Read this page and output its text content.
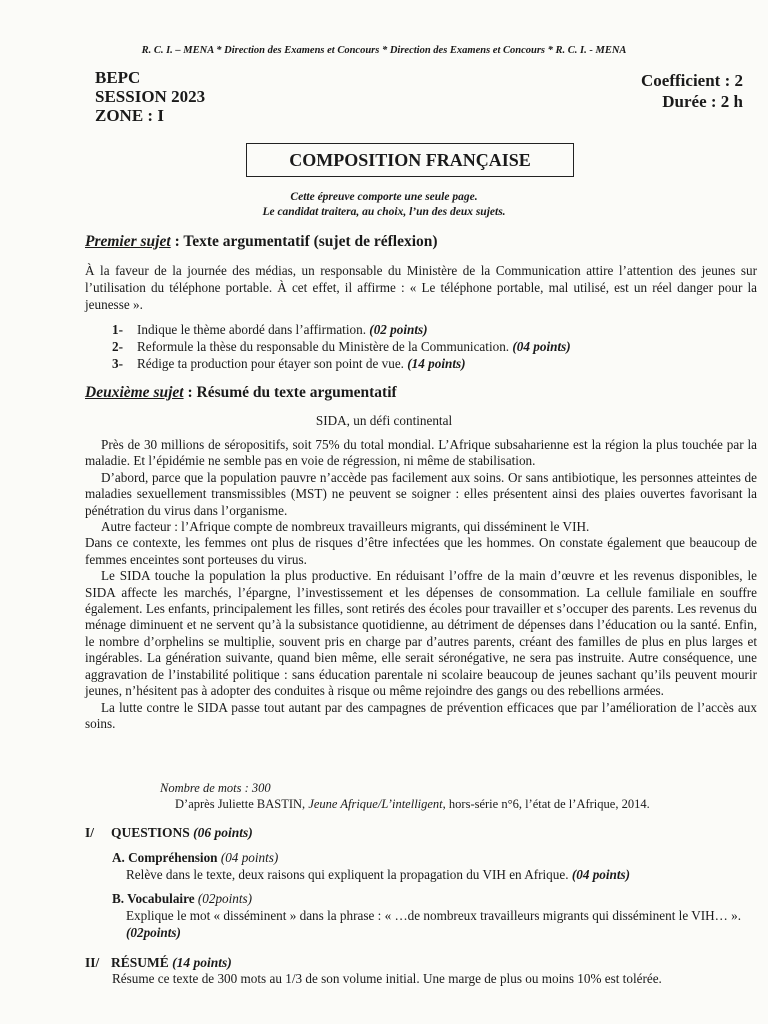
R. C. I. – MENA * Direction des Examens et Concours * Direction des Examens et Concours * R. C. I. - MENA
BEPC
SESSION 2023
ZONE : I
Coefficient : 2
Durée : 2 h
COMPOSITION FRANÇAISE
Cette épreuve comporte une seule page.
Le candidat traitera, au choix, l’un des deux sujets.
Premier sujet : Texte argumentatif (sujet de réflexion)
À la faveur de la journée des médias, un responsable du Ministère de la Communication attire l’attention des jeunes sur l’utilisation du téléphone portable. À cet effet, il affirme : « Le téléphone portable, mal utilisé, est un réel danger pour la jeunesse ».
1- Indique le thème abordé dans l’affirmation. (02 points)
2- Reformule la thèse du responsable du Ministère de la Communication. (04 points)
3- Rédige ta production pour étayer son point de vue. (14 points)
Deuxième sujet : Résumé du texte argumentatif
SIDA, un défi continental

Près de 30 millions de séropositifs, soit 75% du total mondial. L’Afrique subsaharienne est la région la plus touchée par la maladie. Et l’épidémie ne semble pas en voie de régression, ni même de stabilisation.

D’abord, parce que la population pauvre n’accède pas facilement aux soins. Or sans antibiotique, les personnes atteintes de maladies sexuellement transmissibles (MST) ne peuvent se soigner : elles présentent ainsi des plaies ouvertes favorisant la pénétration du virus dans l’organisme.

Autre facteur : l’Afrique compte de nombreux travailleurs migrants, qui disséminent le VIH.

Dans ce contexte, les femmes ont plus de risques d’être infectées que les hommes. On constate également que beaucoup de femmes enceintes sont porteuses du virus.

Le SIDA touche la population la plus productive. En réduisant l’offre de la main d’œuvre et les revenus disponibles, le SIDA affecte les marchés, l’épargne, l’investissement et les dépenses de consommation. La cellule familiale en souffre également. Les enfants, principalement les filles, sont retirés des écoles pour travailler et s’occuper des parents. Les revenus du ménage diminuent et ne servent qu’à la subsistance quotidienne, au détriment de dépenses dans l’éducation ou la santé. Enfin, le nombre d’orphelins se multiplie, souvent pris en charge par d’autres parents, créant des familles de plus en plus larges et ingérables. La génération suivante, quand bien même, elle serait séronégative, ne sera pas instruite. Autre conséquence, une aggravation de l’instabilité politique : sans éducation parentale ni scolaire beaucoup de jeunes sachant qu’ils peuvent mourir jeunes, n’hésitent pas à adopter des conduites à risque ou même rejoindre des gangs ou des rebellions armées.

La lutte contre le SIDA passe tout autant par des campagnes de prévention efficaces que par l’amélioration de l’accès aux soins.

Nombre de mots : 300
D’après Juliette BASTIN, Jeune Afrique/L’intelligent, hors-série n°6, l’état de l’Afrique, 2014.
I/ QUESTIONS (06 points)
A. Compréhension (04 points)
Relève dans le texte, deux raisons qui expliquent la propagation du VIH en Afrique. (04 points)
B. Vocabulaire (02points)
Explique le mot « disséminent » dans la phrase : « …de nombreux travailleurs migrants qui disséminent le VIH… ». (02points)
II/ RÉSUMÉ (14 points)
Résume ce texte de 300 mots au 1/3 de son volume initial. Une marge de plus ou moins 10% est tolérée.
